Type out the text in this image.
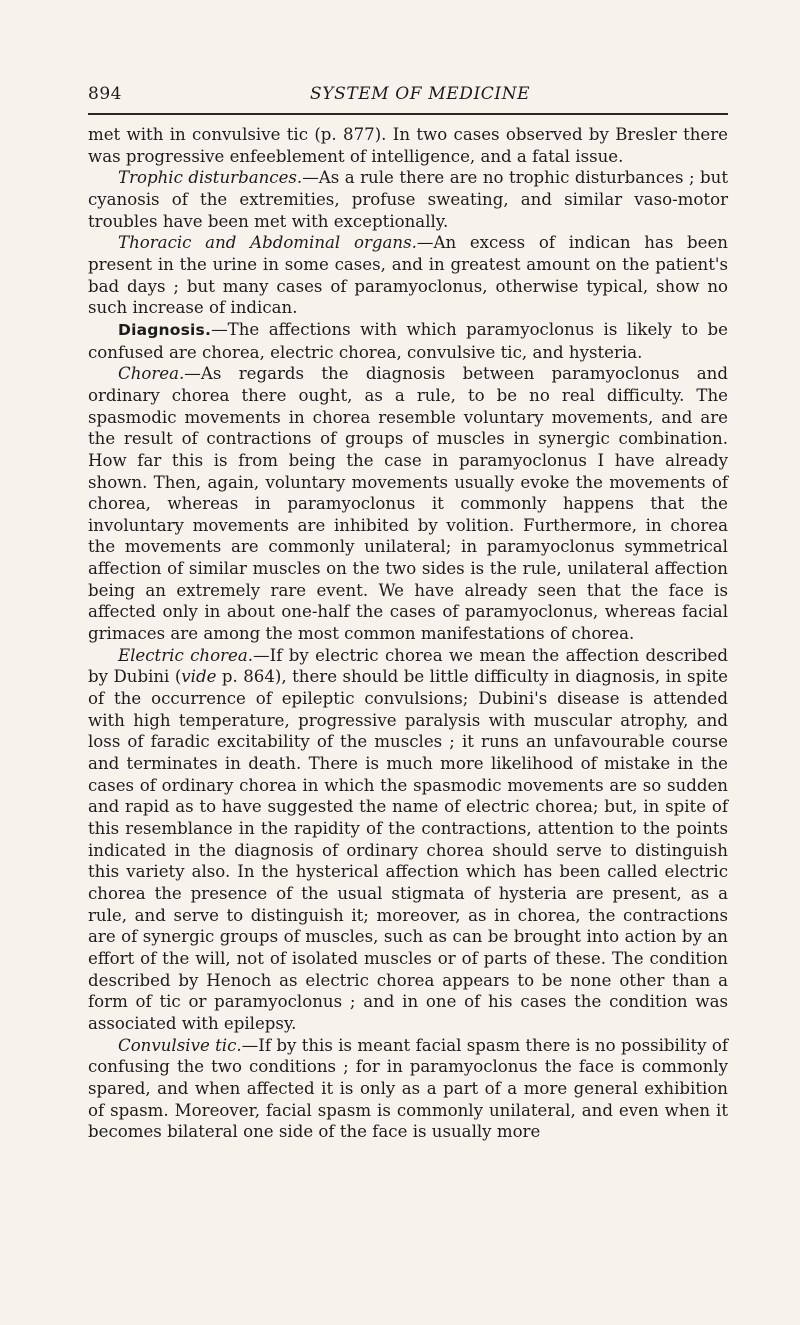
894	SYSTEM OF MEDICINE

met with in convulsive tic (p. 877). In two cases observed by Bresler there was progressive enfeeblement of intelligence, and a fatal issue.

Trophic disturbances.—As a rule there are no trophic disturbances ; but cyanosis of the extremities, profuse sweating, and similar vaso-motor troubles have been met with exceptionally.

Thoracic and Abdominal organs.—An excess of indican has been present in the urine in some cases, and in greatest amount on the patient's bad days ; but many cases of paramyoclonus, otherwise typical, show no such increase of indican.

Diagnosis.—The affections with which paramyoclonus is likely to be confused are chorea, electric chorea, convulsive tic, and hysteria.

Chorea.—As regards the diagnosis between paramyoclonus and ordinary chorea there ought, as a rule, to be no real difficulty. The spasmodic movements in chorea resemble voluntary movements, and are the result of contractions of groups of muscles in synergic combination. How far this is from being the case in paramyoclonus I have already shown. Then, again, voluntary movements usually evoke the movements of chorea, whereas in paramyoclonus it commonly happens that the involuntary movements are inhibited by volition. Furthermore, in chorea the movements are commonly unilateral; in paramyoclonus symmetrical affection of similar muscles on the two sides is the rule, unilateral affection being an extremely rare event. We have already seen that the face is affected only in about one-half the cases of paramyoclonus, whereas facial grimaces are among the most common manifestations of chorea.

Electric chorea.—If by electric chorea we mean the affection described by Dubini (vide p. 864), there should be little difficulty in diagnosis, in spite of the occurrence of epileptic convulsions; Dubini's disease is attended with high temperature, progressive paralysis with muscular atrophy, and loss of faradic excitability of the muscles ; it runs an unfavourable course and terminates in death. There is much more likelihood of mistake in the cases of ordinary chorea in which the spasmodic movements are so sudden and rapid as to have suggested the name of electric chorea; but, in spite of this resemblance in the rapidity of the contractions, attention to the points indicated in the diagnosis of ordinary chorea should serve to distinguish this variety also. In the hysterical affection which has been called electric chorea the presence of the usual stigmata of hysteria are present, as a rule, and serve to distinguish it; moreover, as in chorea, the contractions are of synergic groups of muscles, such as can be brought into action by an effort of the will, not of isolated muscles or of parts of these. The condition described by Henoch as electric chorea appears to be none other than a form of tic or paramyoclonus ; and in one of his cases the condition was associated with epilepsy.

Convulsive tic.—If by this is meant facial spasm there is no possibility of confusing the two conditions ; for in paramyoclonus the face is commonly spared, and when affected it is only as a part of a more general exhibition of spasm. Moreover, facial spasm is commonly unilateral, and even when it becomes bilateral one side of the face is usually more
